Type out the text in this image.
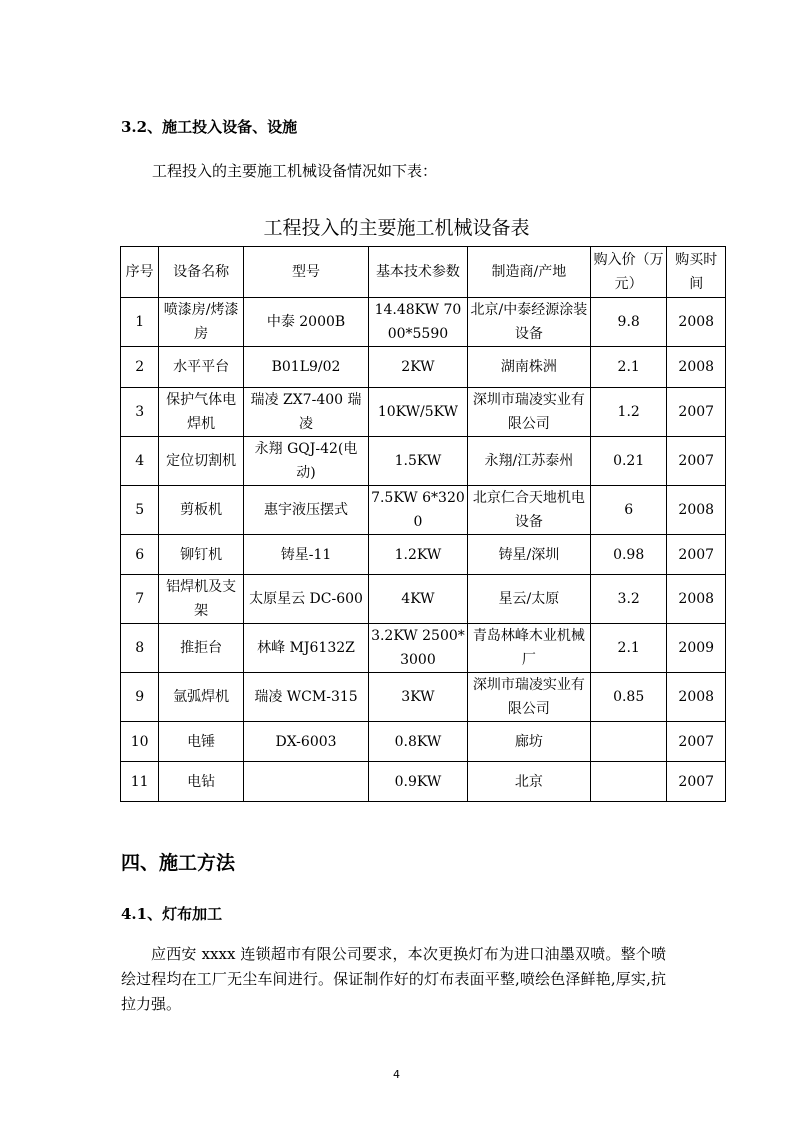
3.2、施工投入设备、设施
工程投入的主要施工机械设备情况如下表：
工程投入的主要施工机械设备表
序号	设备名称	型号	基本技术参数	制造商/产地	购入价（万元）	购买时间
1	喷漆房/烤漆房	中泰 2000B	14.48KW 7000*5590	北京/中泰经源涂装设备	9.8	2008
2	水平平台	B01L9/02	2KW	湖南株洲	2.1	2008
3	保护气体电焊机	瑞凌 ZX7-400 瑞凌	10KW/5KW	深圳市瑞凌实业有限公司	1.2	2007
4	定位切割机	永翔 GQJ-42(电动)	1.5KW	永翔/江苏泰州	0.21	2007
5	剪板机	惠宇液压摆式	7.5KW 6*3200	北京仁合天地机电设备	6	2008
6	铆钉机	铸星-11	1.2KW	铸星/深圳	0.98	2007
7	铝焊机及支架	太原星云 DC-600	4KW	星云/太原	3.2	2008
8	推拒台	林峰 MJ6132Z	3.2KW 2500*3000	青岛林峰木业机械厂	2.1	2009
9	氩弧焊机	瑞凌 WCM-315	3KW	深圳市瑞凌实业有限公司	0.85	2008
10	电锤	DX-6003	0.8KW	廊坊		2007
11	电钻		0.9KW	北京		2007
四、施工方法
4.1、灯布加工
应西安 xxxx 连锁超市有限公司要求，本次更换灯布为进口油墨双喷。整个喷绘过程均在工厂无尘车间进行。保证制作好的灯布表面平整,喷绘色泽鲜艳,厚实,抗拉力强。
4
